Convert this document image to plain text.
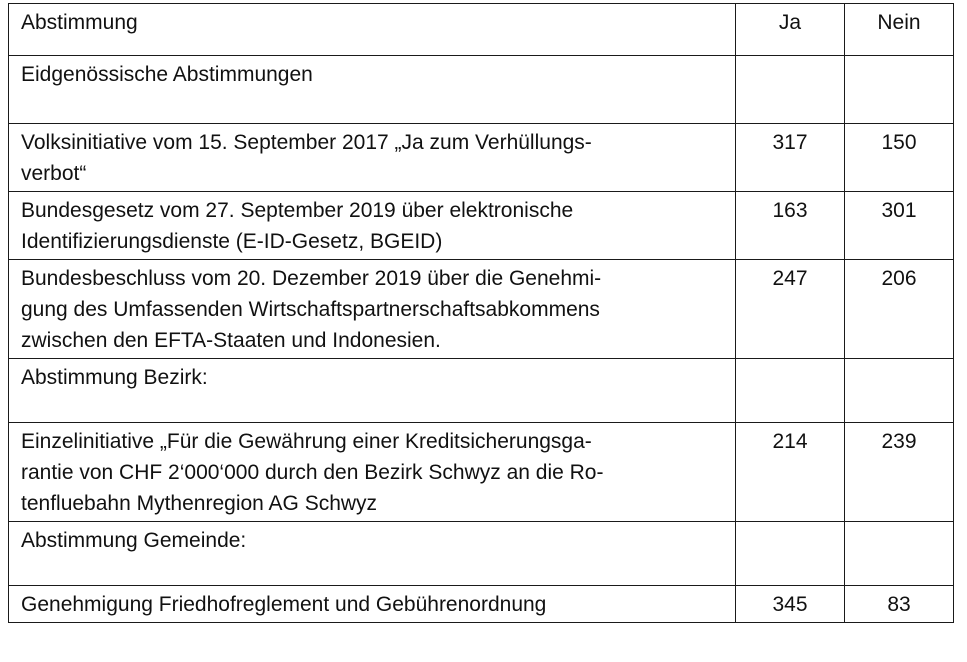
Abstimmung	Ja	Nein
Eidgenössische Abstimmungen		

Volksinitiative vom 15. September 2017 „Ja zum Verhüllungs-
verbot“	317	150

Bundesgesetz vom 27. September 2019 über elektronische
Identifizierungsdienste (E-ID-Gesetz, BGEID)	163	301

Bundesbeschluss vom 20. Dezember 2019 über die Genehmi-
gung des Umfassenden Wirtschaftspartnerschaftsabkommens
zwischen den EFTA-Staaten und Indonesien.	247	206
Abstimmung Bezirk:		

Einzelinitiative „Für die Gewährung einer Kreditsicherungsga-
rantie von CHF 2‘000‘000 durch den Bezirk Schwyz an die Ro-
tenfluebahn Mythenregion AG Schwyz	214	239
Abstimmung Gemeinde:		

Genehmigung Friedhofreglement und Gebührenordnung	345	83
